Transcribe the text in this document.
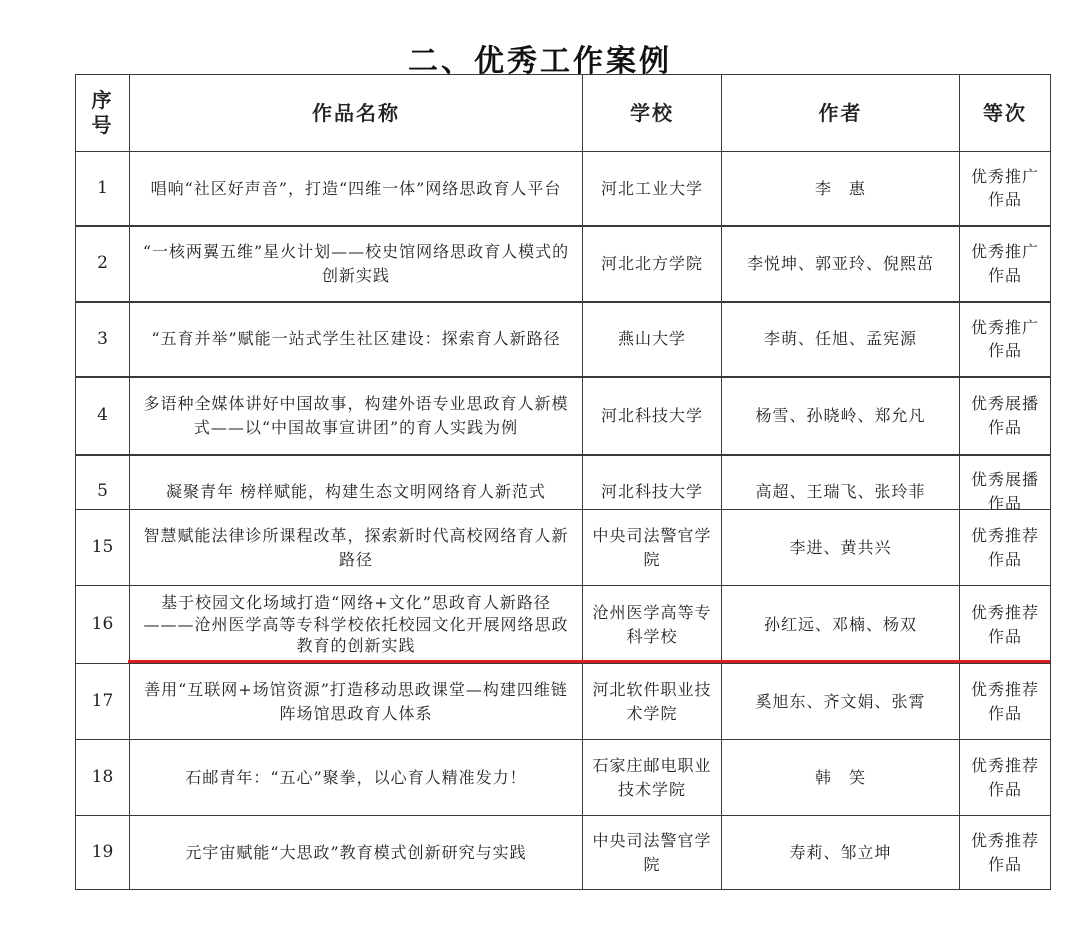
二、优秀工作案例
序号	作品名称	学校	作者	等次
1	唱响“社区好声音”，打造“四维一体”网络思政育人平台	河北工业大学	李　惠	优秀推广作品
2	“一核两翼五维”星火计划——校史馆网络思政育人模式的创新实践	河北北方学院	李悦坤、郭亚玲、倪熙茁	优秀推广作品
3	“五育并举”赋能一站式学生社区建设：探索育人新路径	燕山大学	李萌、任旭、孟宪源	优秀推广作品
4	多语种全媒体讲好中国故事，构建外语专业思政育人新模式——以“中国故事宣讲团”的育人实践为例	河北科技大学	杨雪、孙晓岭、郑允凡	优秀展播作品
5	凝聚青年 榜样赋能，构建生态文明网络育人新范式	河北科技大学	高超、王瑞飞、张玲菲	优秀展播作品
15	智慧赋能法律诊所课程改革，探索新时代高校网络育人新路径	中央司法警官学院	李进、黄共兴	优秀推荐作品
16	基于校园文化场域打造“网络+文化”思政育人新路径———沧州医学高等专科学校依托校园文化开展网络思政教育的创新实践	沧州医学高等专科学校	孙红远、邓楠、杨双	优秀推荐作品
17	善用“互联网+场馆资源”打造移动思政课堂—构建四维链阵场馆思政育人体系	河北软件职业技术学院	奚旭东、齐文娟、张霄	优秀推荐作品
18	石邮青年：“五心”聚拳，以心育人精准发力！	石家庄邮电职业技术学院	韩　笑	优秀推荐作品
19	元宇宙赋能“大思政”教育模式创新研究与实践	中央司法警官学院	寿莉、邹立坤	优秀推荐作品
